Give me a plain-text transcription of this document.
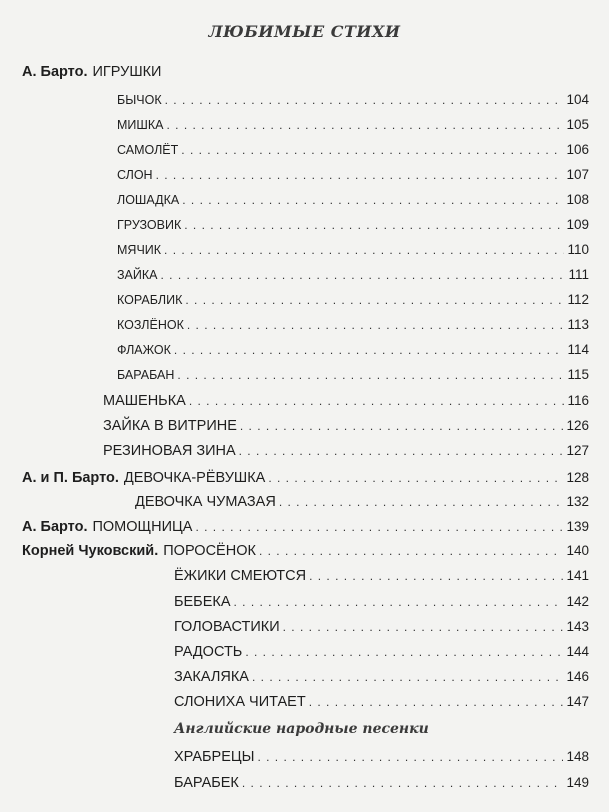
ЛЮБИМЫЕ СТИХИ
А. Барто. ИГРУШКИ
БЫЧОК . . .	104
МИШКА . . .	105
САМОЛЁТ . . .	106
СЛОН . . .	107
ЛОШАДКА . . .	108
ГРУЗОВИК . . .	109
МЯЧИК . . .	110
ЗАЙКА . . .	111
КОРАБЛИК . . .	112
КОЗЛЁНОК . . .	113
ФЛАЖОК . . .	114
БАРАБАН . . .	115
МАШЕНЬКА . . .	116
ЗАЙКА В ВИТРИНЕ . . .	126
РЕЗИНОВАЯ ЗИНА . . .	127
А. и П. Барто. ДЕВОЧКА-РЁВУШКА . . .	128
ДЕВОЧКА ЧУМАЗАЯ . . .	132
А. Барто. ПОМОЩНИЦА . . .	139
Корней Чуковский. ПОРОСЁНОК . . .	140
ЁЖИКИ СМЕЮТСЯ . . .	141
БЕБЕКА . . .	142
ГОЛОВАСТИКИ . . .	143
РАДОСТЬ . . .	144
ЗАКАЛЯКА . . .	146
СЛОНИХА ЧИТАЕТ . . .	147
ХРАБРЕЦЫ . . .	148
БАРАБЕК . . .	149
Английские народные песенки
